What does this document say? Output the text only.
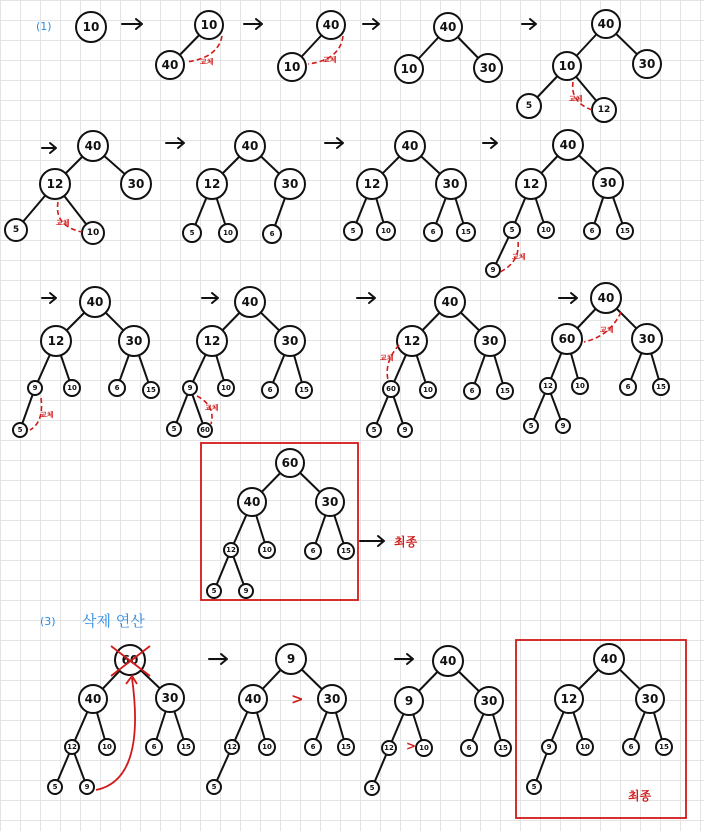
(1)	10	10
40	교체
40
10	교체
40
10	30
40
10	30
5	12
교체
40
12	30
5	10
교체
40
12	30
5	10	6
40
12	30
5	10	6	15
40
12	30
5	10	6	15
9
교체
40
12	30
9	10	6	15
5
교체
40
12	30
9	10	6	15
5	60
교체
40
12	30
60	10	6	15
5	9
교체
40
60	30
12	10	6	15
5	9
교체
60
40	30
12	10	6	15
5	9
최종
(3) 삭제 연산
60
40	30
12	10	6	15
5	9
9
40	30
12	10	6	15
5
>
40
9	30
12	10	6	15
5
>
40
12	30
9	10	6	15
5
최종
